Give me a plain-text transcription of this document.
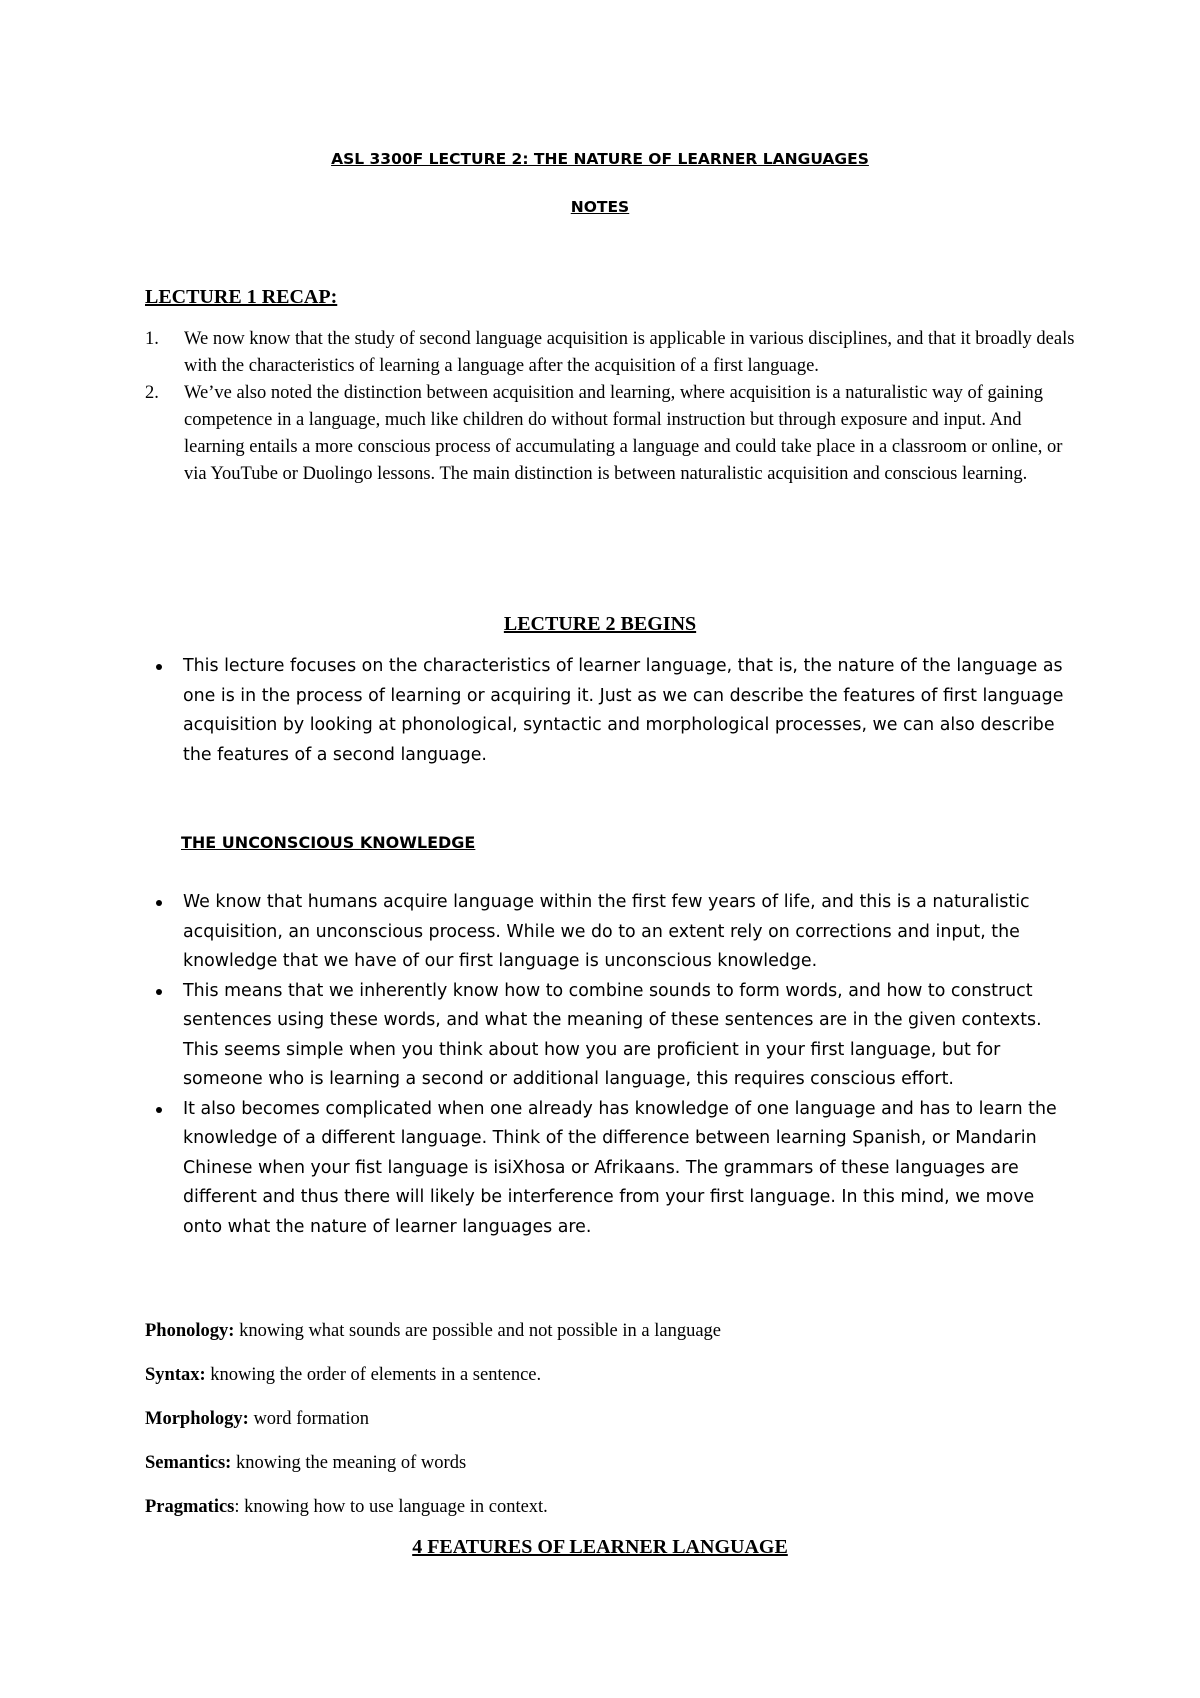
ASL 3300F LECTURE 2: THE NATURE OF LEARNER LANGUAGES
NOTES
LECTURE 1 RECAP:
1. We now know that the study of second language acquisition is applicable in various disciplines, and that it broadly deals with the characteristics of learning a language after the acquisition of a first language.
2. We’ve also noted the distinction between acquisition and learning, where acquisition is a naturalistic way of gaining competence in a language, much like children do without formal instruction but through exposure and input. And learning entails a more conscious process of accumulating a language and could take place in a classroom or online, or via YouTube or Duolingo lessons. The main distinction is between naturalistic acquisition and conscious learning.
LECTURE 2 BEGINS
This lecture focuses on the characteristics of learner language, that is, the nature of the language as one is in the process of learning or acquiring it. Just as we can describe the features of first language acquisition by looking at phonological, syntactic and morphological processes, we can also describe the features of a second language.
THE UNCONSCIOUS KNOWLEDGE
We know that humans acquire language within the first few years of life, and this is a naturalistic acquisition, an unconscious process. While we do to an extent rely on corrections and input, the knowledge that we have of our first language is unconscious knowledge.
This means that we inherently know how to combine sounds to form words, and how to construct sentences using these words, and what the meaning of these sentences are in the given contexts. This seems simple when you think about how you are proficient in your first language, but for someone who is learning a second or additional language, this requires conscious effort.
It also becomes complicated when one already has knowledge of one language and has to learn the knowledge of a different language. Think of the difference between learning Spanish, or Mandarin Chinese when your fist language is isiXhosa or Afrikaans. The grammars of these languages are different and thus there will likely be interference from your first language. In this mind, we move onto what the nature of learner languages are.
Phonology: knowing what sounds are possible and not possible in a language
Syntax: knowing the order of elements in a sentence.
Morphology: word formation
Semantics: knowing the meaning of words
Pragmatics: knowing how to use language in context.
4 FEATURES OF LEARNER LANGUAGE
